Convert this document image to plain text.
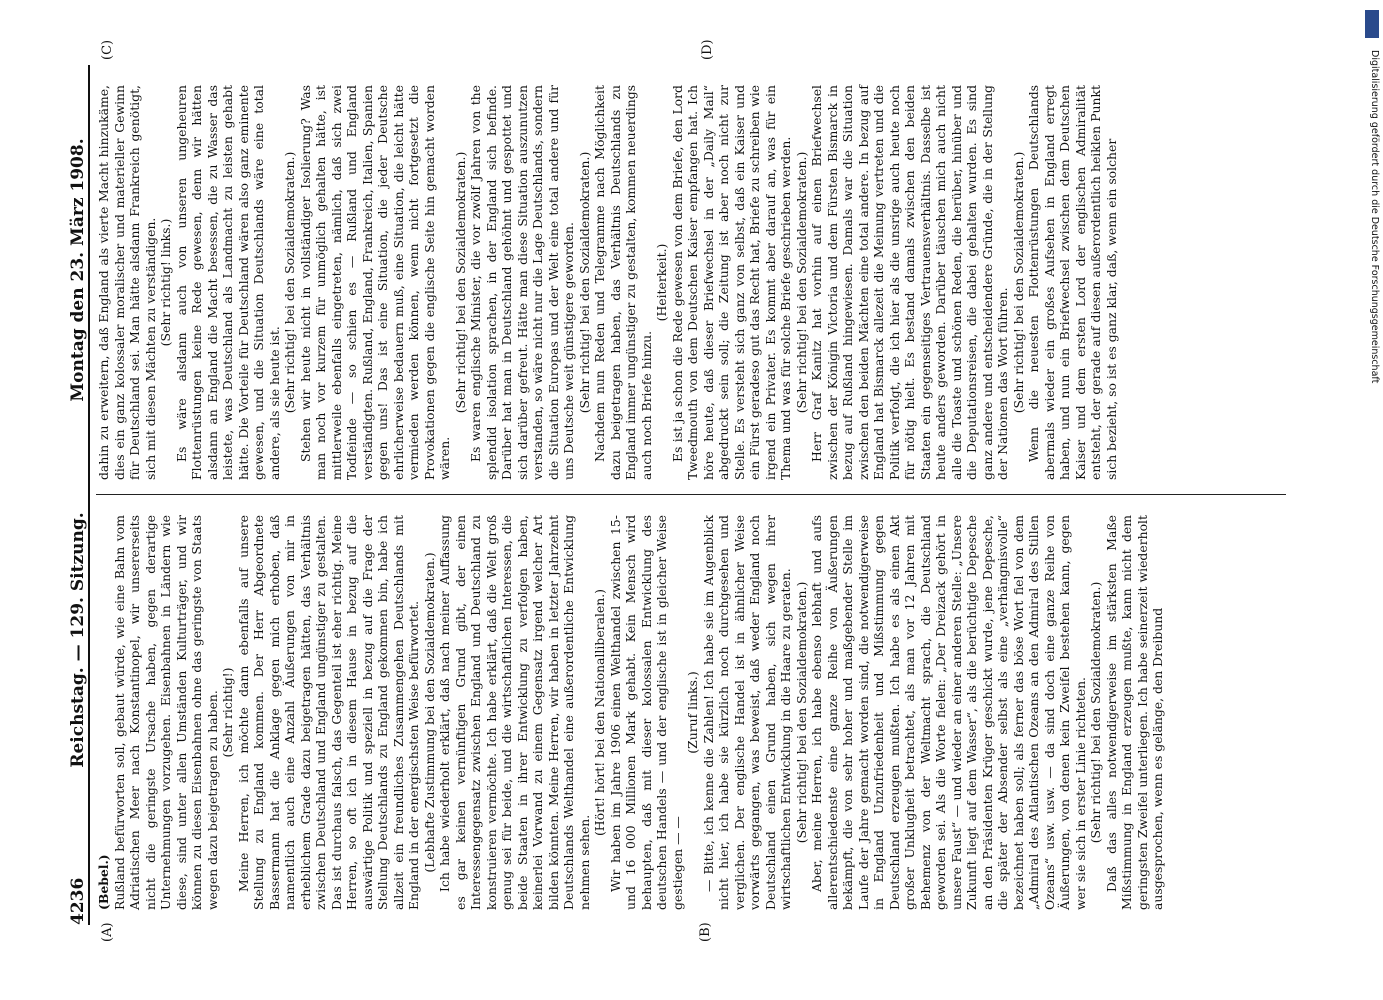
4236
Reichstag. — 129. Sitzung.
Montag den 23. März 1908.
(A)	(B)
(C)	(D)

(Bebel.) Rußland befürworten soll, gebaut würde, wie eine Bahn vom Adriatischen Meer nach Konstantinopel, wir unsererseits nicht die geringste Ursache haben, gegen derartige Unternehmungen vorzugehen. Eisenbahnen in Ländern wie diese, sind unter allen Umständen Kulturträger, und wir können zu diesen Eisenbahnen ohne das geringste von Staats wegen dazu beigetragen zu haben. (Sehr richtig!) Meine Herren, ich möchte dann ebenfalls auf unsere Stellung zu England kommen. Der Herr Abgeordnete Bassermann hat die Anklage gegen mich erhoben, daß namentlich auch eine Anzahl Äußerungen von mir in erheblichem Grade dazu beigetragen hätten, das Verhältnis zwischen Deutschland und England ungünstiger zu gestalten. Das ist durchaus falsch, das Gegenteil ist eher richtig. Meine Herren, so oft ich in diesem Hause in bezug auf die auswärtige Politik und speziell in bezug auf die Frage der Stellung Deutschlands zu England gekommen bin, habe ich allzeit ein freundliches Zusammengehen Deutschlands mit England in der energischsten Weise befürwortet. (Lebhafte Zustimmung bei den Sozialdemokraten.) Ich habe wiederholt erklärt, daß nach meiner Auffassung es gar keinen vernünftigen Grund gibt, der einen Interessengegensatz zwischen England und Deutschland zu konstruieren vermöchte. Ich habe erklärt, daß die Welt groß genug sei für beide, und die wirtschaftlichen Interessen, die beide Staaten in ihrer Entwicklung zu verfolgen haben, keinerlei Vorwand zu einem Gegensatz irgend welcher Art bilden könnten. Meine Herren, wir haben in letzter Jahrzehnt Deutschlands Welthandel eine außerordentliche Entwicklung nehmen sehen.

(Hört! hört! bei den Nationalliberalen.) Wir haben im Jahre 1906 einen Welthandel zwischen 15- und 16 000 Millionen Mark gehabt. Kein Mensch wird behaupten, daß mit dieser kolossalen Entwicklung des deutschen Handels — und der englische ist in gleicher Weise gestiegen — —

(Zuruf links.) — Bitte, ich kenne die Zahlen! Ich habe sie im Augenblick nicht hier, ich habe sie kürzlich noch durchgesehen und verglichen. Der englische Handel ist in ähnlicher Weise vorwärts gegangen, was beweist, daß weder England noch Deutschland einen Grund haben, sich wegen ihrer wirtschaftlichen Entwicklung in die Haare zu geraten. (Sehr richtig! bei den Sozialdemokraten.) Aber, meine Herren, ich habe ebenso lebhaft und aufs allerentschiedenste eine ganze Reihe von Äußerungen bekämpft, die von sehr hoher und maßgebender Stelle im Laufe der Jahre gemacht worden sind, die notwendigerweise in England Unzufriedenheit und Mißstimmung gegen Deutschland erzeugen mußten. Ich habe es als einen Akt großer Unklugheit betrachtet, als man vor 12 Jahren mit Behemenz von der Weltmacht sprach, die Deutschland geworden sei. Als die Worte fielen: „Der Dreizack gehört in unsere Faust“ — und wieder an einer anderen Stelle: „Unsere Zukunft liegt auf dem Wasser“, als die berüchtigte Depesche an den Präsidenten Krüger geschickt wurde, jene Depesche, die später der Absender selbst als eine „verhängnisvolle“ bezeichnet haben soll; als ferner das böse Wort fiel von dem „Admiral des Atlantischen Ozeans an den Admiral des Stillen Ozeans“ usw. usw. — da sind doch eine ganze Reihe von Äußerungen, von denen kein Zweifel bestehen kann, gegen wer sie sich in erster Linie richteten. (Sehr richtig! bei den Sozialdemokraten.) Daß das alles notwendigerweise im stärksten Maße Mißstimmung in England erzeugen mußte, kann nicht dem geringsten Zweifel unterliegen. Ich habe seinerzeit wiederholt ausgesprochen, wenn es gelänge, den Dreibund

dahin zu erweitern, daß England als vierte Macht hinzukäme, dies ein ganz kolossaler moralischer und materieller Gewinn für Deutschland sei. Man hätte alsdann Frankreich genötigt, sich mit diesen Mächten zu verständigen. (Sehr richtig! links.) Es wäre alsdann auch von unseren ungeheuren Flottenrüstungen keine Rede gewesen, denn wir hätten alsdann an England die Macht besessen, die zu Wasser das leistete, was Deutschland als Landmacht zu leisten gehabt hätte. Die Vorteile für Deutschland wären also ganz eminente gewesen, und die Situation Deutschlands wäre eine total andere, als sie heute ist. (Sehr richtig! bei den Sozialdemokraten.) Stehen wir heute nicht in vollständiger Isolierung? Was man noch vor kurzem für unmöglich gehalten hätte, ist mittlerweile ebenfalls eingetreten, nämlich, daß sich zwei Todfeinde — so schien es — Rußland und England verständigten. Rußland, England, Frankreich, Italien, Spanien gegen uns! Das ist eine Situation, die jeder Deutsche ehrlicherweise bedauern muß, eine Situation, die leicht hätte vermieden werden können, wenn nicht fortgesetzt die Provokationen gegen die englische Seite hin gemacht worden wären.

(Sehr richtig! bei den Sozialdemokraten.) Es waren englische Minister, die vor zwölf Jahren von the splendid isolation sprachen, in der England sich befinde. Darüber hat man in Deutschland gehöhnt und gespottet und sich darüber gefreut. Hätte man diese Situation auszunutzen verstanden, so wäre nicht nur die Lage Deutschlands, sondern die Situation Europas und der Welt eine total andere und für uns Deutsche weit günstigere geworden. (Sehr richtig! bei den Sozialdemokraten.) Nachdem nun Reden und Telegramme nach Möglichkeit dazu beigetragen haben, das Verhältnis Deutschlands zu England immer ungünstiger zu gestalten, kommen neuerdings auch noch Briefe hinzu.

(Heiterkeit.) Es ist ja schon die Rede gewesen von dem Briefe, den Lord Tweedmouth von dem Deutschen Kaiser empfangen hat. Ich höre heute, daß dieser Briefwechsel in der „Daily Mail“ abgedruckt sein soll; die Zeitung ist aber noch nicht zur Stelle. Es versteht sich ganz von selbst, daß ein Kaiser und ein Fürst geradeso gut das Recht hat, Briefe zu schreiben wie irgend ein Privater. Es kommt aber darauf an, was für ein Thema und was für solche Briefe geschrieben werden. (Sehr richtig! bei den Sozialdemokraten.) Herr Graf Kanitz hat vorhin auf einen Briefwechsel zwischen der Königin Victoria und dem Fürsten Bismarck in bezug auf Rußland hingewiesen. Damals war die Situation zwischen den beiden Mächten eine total andere. In bezug auf England hat Bismarck allezeit die Meinung vertreten und die Politik verfolgt, die ich hier als die unsrige auch heute noch für nötig hielt. Es bestand damals zwischen den beiden Staaten ein gegenseitiges Vertrauensverhältnis. Dasselbe ist heute anders geworden. Darüber täuschen mich auch nicht alle die Toaste und schönen Reden, die herüber, hinüber und die Deputationsreisen, die dabei gehalten wurden. Es sind ganz andere und entscheidendere Gründe, die in der Stellung der Nationen das Wort führen. (Sehr richtig! bei den Sozialdemokraten.) Wenn die neuesten Flottenrüstungen Deutschlands abermals wieder ein großes Aufsehen in England erregt haben, und nun ein Briefwechsel zwischen dem Deutschen Kaiser und dem ersten Lord der englischen Admiralität entsteht, der gerade auf diesen außerordentlich heiklen Punkt sich bezieht, so ist es ganz klar, daß, wenn ein solcher	Digitalisierung gefördert durch die Deutsche Forschungsgemeinschaft
